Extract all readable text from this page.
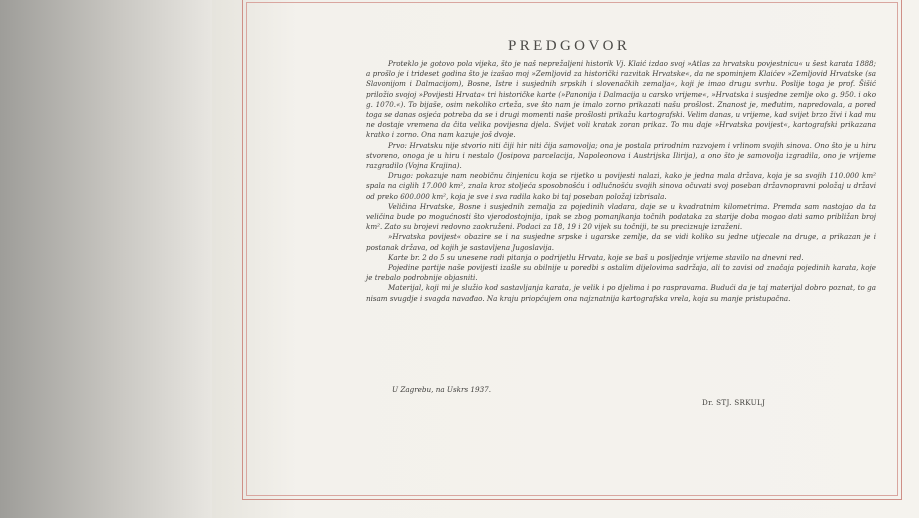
PREDGOVOR

Proteklo je gotovo pola vijeka, što je naš neprežaljeni historik Vj. Klaić izdao svoj »Atlas za hrvatsku povjestnicu« u šest karata 1888; a prošlo je i trideset godina što je izašao moj »Zemljovid za historički razvitak Hrvatske«, da ne spominjem Klaićev »Zemljovid Hrvatske (sa Slavonijom i Dalmacijom), Bosne, Istre i susjednih srpskih i slovenačkih zemalja«, koji je imao drugu svrhu. Poslije toga je prof. Šišić priložio svojoj »Povijesti Hrvata« tri historičke karte (»Panonija i Dalmacija u carsko vrijeme«, »Hrvatska i susjedne zemlje oko g. 950. i oko g. 1070.«). To bijaše, osim nekoliko crteža, sve što nam je imalo zorno prikazati našu prošlost. Znanost je, međutim, napredovala, a pored toga se danas osjeća potreba da se i drugi momenti naše prošlosti prikažu kartografski. Velim danas, u vrijeme, kad svijet brzo živi i kad mu ne dostaje vremena da čita velika povijesna djela. Svijet voli kratak zoran prikaz. To mu daje »Hrvatska povijest«, kartografski prikazana kratko i zorno. Ona nam kazuje još dvoje.

Prvo: Hrvatsku nije stvorio niti čiji hir niti čija samovolja; ona je postala prirodnim razvojem i vrlinom svojih sinova. Ono što je u hiru stvoreno, onoga je u hiru i nestalo (Josipova parcelacija, Napoleonova i Austrijska Ilirija), a ono što je samovolja izgradila, ono je vrijeme razgradilo (Vojna Krajina).

Drugo: pokazuje nam neobičnu činjenicu koja se rijetko u povijesti nalazi, kako je jedna mala država, koja je sa svojih 110.000 km² spala na ciglih 17.000 km², znala kroz stoljeća sposobnošću i odlučnošću svojih sinova očuvati svoj poseban državnopravni položaj u državi od preko 600.000 km², koja je sve i sva radila kako bi taj poseban položaj izbrisala.

Veličina Hrvatske, Bosne i susjednih zemalja za pojedinih vladara, daje se u kvadratnim kilometrima. Premda sam nastojao da ta veličina bude po mogućnosti što vjerodostojnija, ipak se zbog pomanjkanja točnih podataka za starije doba mogao dati samo približan broj km². Zato su brojevi redovno zaokruženi. Podaci za 18, 19 i 20 vijek su točniji, te su precizније izraženi.

»Hrvatska povijest« obazire se i na susjedne srpske i ugarske zemlje, da se vidi koliko su jedne utjecale na druge, a prikazan je i postanak država, od kojih je sastavljena Jugoslavija.

Karte br. 2 do 5 su unesene radi pitanja o podrijetlu Hrvata, koje se baš u posljednje vrijeme stavilo na dnevni red.

Pojedine partije naše povijesti izašle su obilnije u poredbi s ostalim dijelovima sadržaja, ali to zavisi od značaja pojedinih karata, koje je trebalo podrobnije objasniti.

Materijal, koji mi je služio kod sastavljanja karata, je velik i po djelima i po raspravama. Budući da je taj materijal dobro poznat, to ga nisam svugdje i svagda navađao. Na kraju priopćujem ona najznatnija kartografska vrela, koja su manje pristupačna.

U Zagrebu, na Uskrs 1937.
Dr. STJ. SRKULJ
